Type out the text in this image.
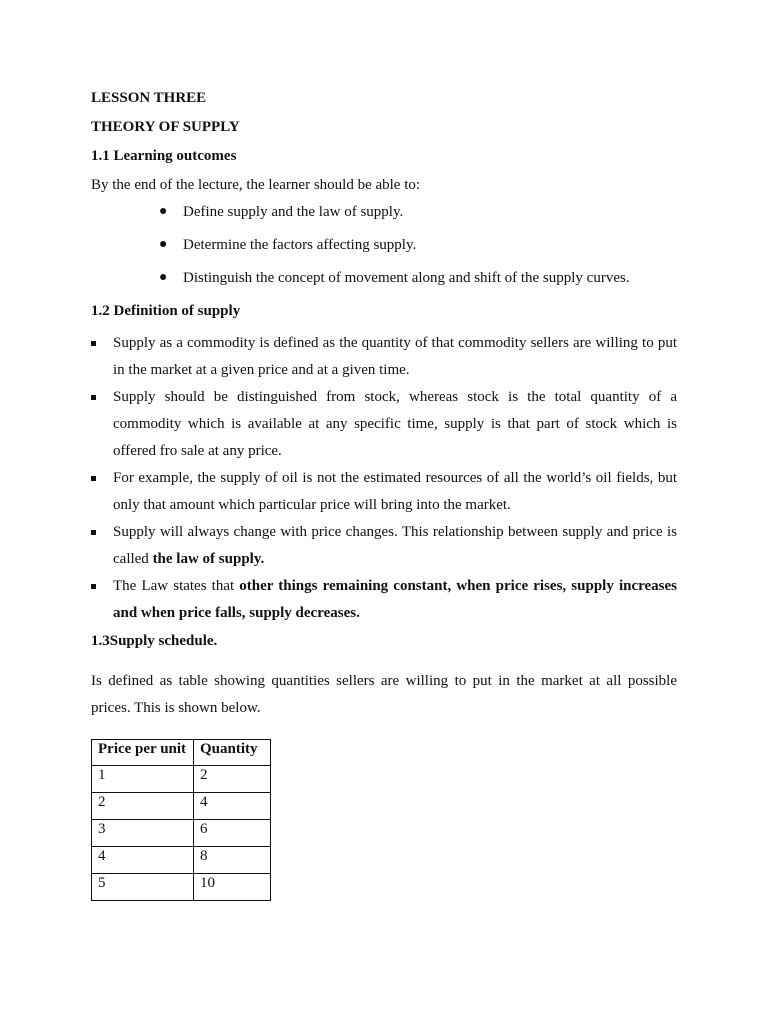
LESSON THREE

THEORY OF SUPPLY

1.1 Learning outcomes

By the end of the lecture, the learner should be able to:

● Define supply and the law of supply.
● Determine the factors affecting supply.
● Distinguish the concept of movement along and shift of the supply curves.

1.2 Definition of supply

Supply as a commodity is defined as the quantity of that commodity sellers are willing to put in the market at a given price and at a given time.
Supply should be distinguished from stock, whereas stock is the total quantity of a commodity which is available at any specific time, supply is that part of stock which is offered fro sale at any price.
For example, the supply of oil is not the estimated resources of all the world’s oil fields, but only that amount which particular price will bring into the market.
Supply will always change with price changes. This relationship between supply and price is called the law of supply.
The Law states that other things remaining constant, when price rises, supply increases and when price falls, supply decreases.

1.3Supply schedule.

Is defined as table showing quantities sellers are willing to put in the market at all possible prices. This is shown below.

Price per unit	Quantity
1	2
2	4
3	6
4	8
5	10
